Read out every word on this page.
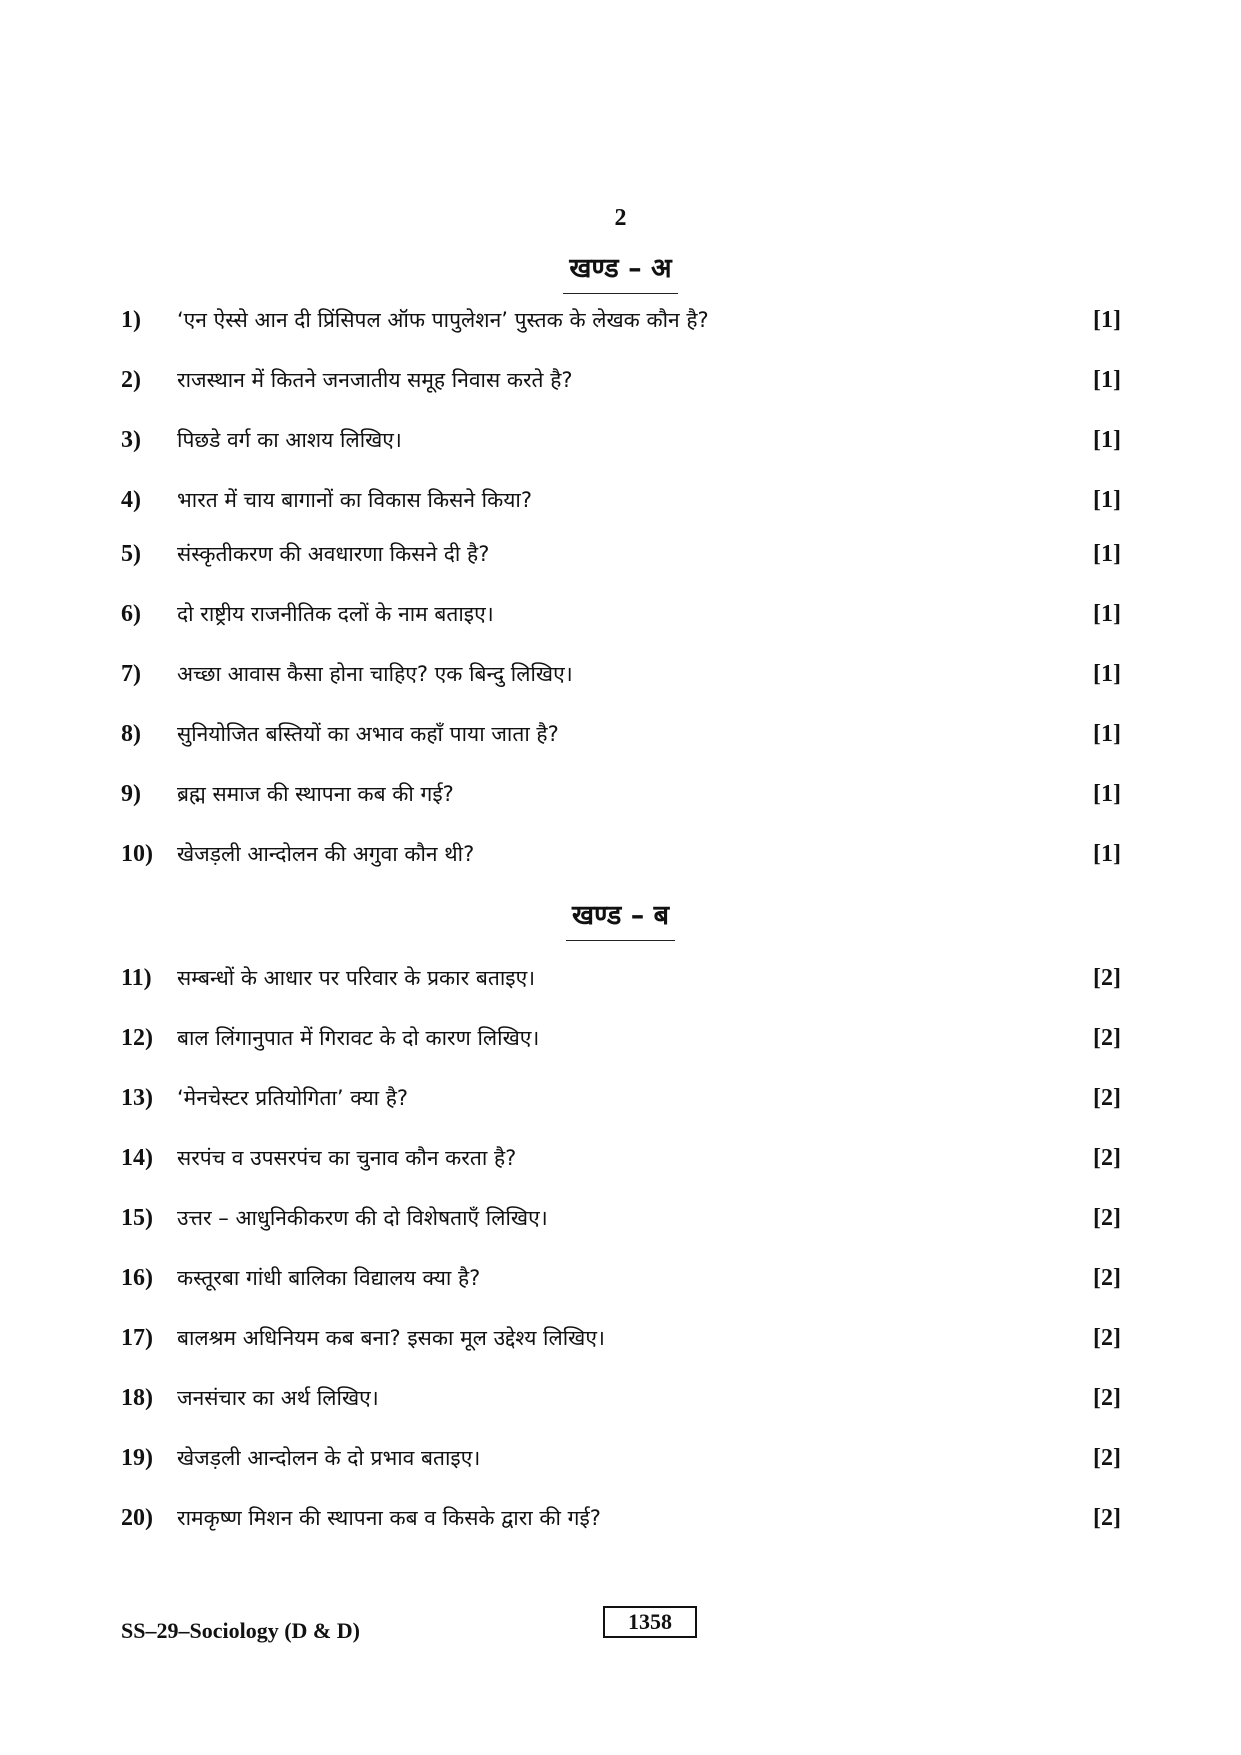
2
खण्ड – अ
1)	‘एन ऐस्से आन दी प्रिंसिपल ऑफ पापुलेशन’ पुस्तक के लेखक कौन है?	[1]
2)	राजस्थान में कितने जनजातीय समूह निवास करते है?	[1]
3)	पिछडे वर्ग का आशय लिखिए।	[1]
4)	भारत में चाय बागानों का विकास किसने किया?	[1]
5)	संस्कृतीकरण की अवधारणा किसने दी है?	[1]
6)	दो राष्ट्रीय राजनीतिक दलों के नाम बताइए।	[1]
7)	अच्छा आवास कैसा होना चाहिए? एक बिन्दु लिखिए।	[1]
8)	सुनियोजित बस्तियों का अभाव कहाँ पाया जाता है?	[1]
9)	ब्रह्म समाज की स्थापना कब की गई?	[1]
10)	खेजड़ली आन्दोलन की अगुवा कौन थी?	[1]
खण्ड – ब
11)	सम्बन्धों के आधार पर परिवार के प्रकार बताइए।	[2]
12)	बाल लिंगानुपात में गिरावट के दो कारण लिखिए।	[2]
13)	‘मेनचेस्टर प्रतियोगिता’ क्या है?	[2]
14)	सरपंच व उपसरपंच का चुनाव कौन करता है?	[2]
15)	उत्तर – आधुनिकीकरण की दो विशेषताएँ लिखिए।	[2]
16)	कस्तूरबा गांधी बालिका विद्यालय क्या है?	[2]
17)	बालश्रम अधिनियम कब बना? इसका मूल उद्देश्य लिखिए।	[2]
18)	जनसंचार का अर्थ लिखिए।	[2]
19)	खेजड़ली आन्दोलन के दो प्रभाव बताइए।	[2]
20)	रामकृष्ण मिशन की स्थापना कब व किसके द्वारा की गई?	[2]
SS–29–Sociology (D & D)	1358
